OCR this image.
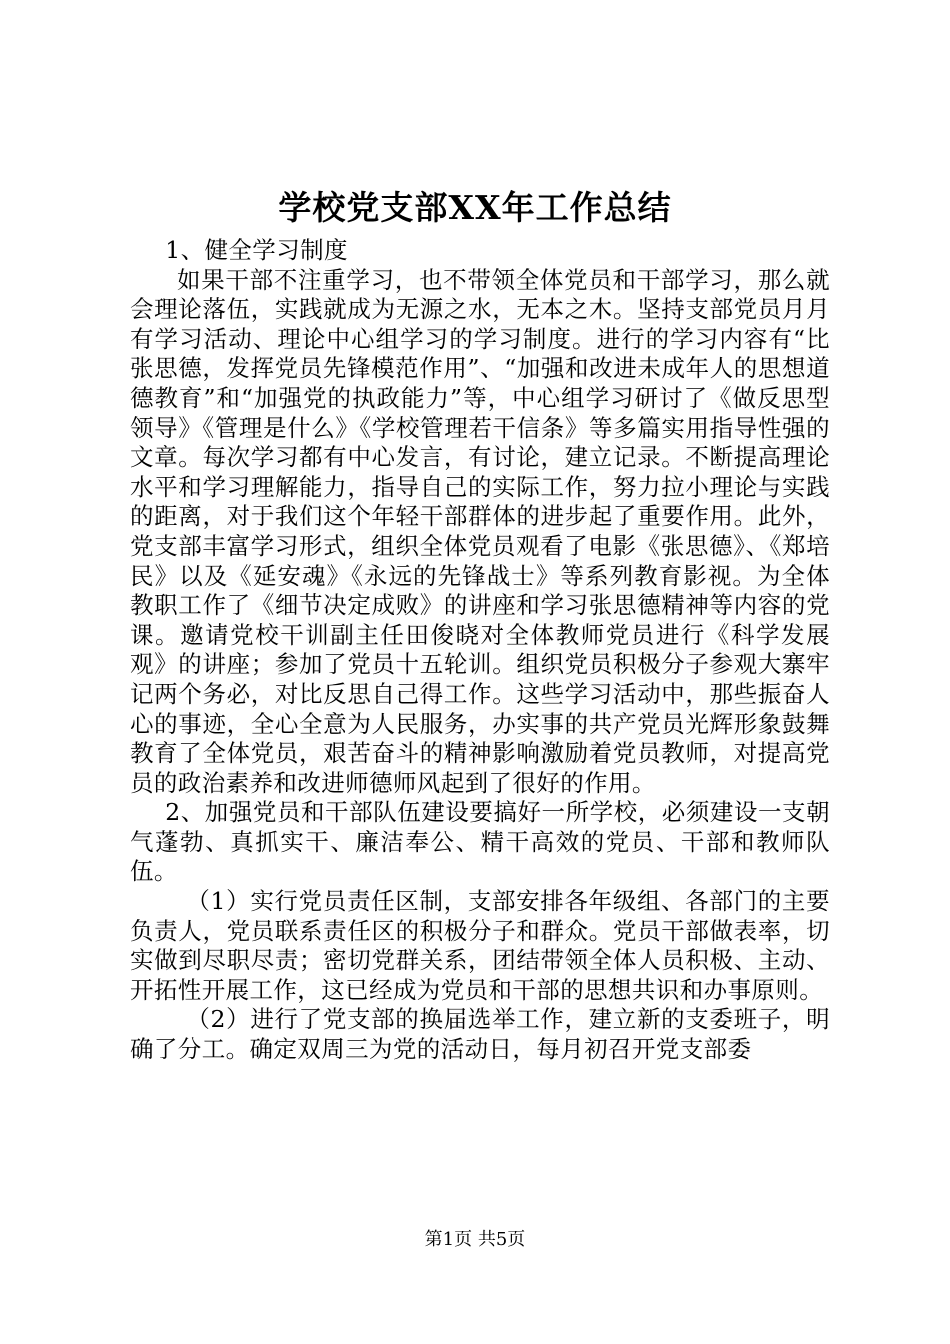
学校党支部XX年工作总结

1、健全学习制度

如果干部不注重学习，也不带领全体党员和干部学习，那么就会理论落伍，实践就成为无源之水，无本之木。坚持支部党员月月有学习活动、理论中心组学习的学习制度。进行的学习内容有“比张思德，发挥党员先锋模范作用”、“加强和改进未成年人的思想道德教育”和“加强党的执政能力”等，中心组学习研讨了《做反思型领导》《管理是什么》《学校管理若干信条》等多篇实用指导性强的文章。每次学习都有中心发言，有讨论，建立记录。不断提高理论水平和学习理解能力，指导自己的实际工作，努力拉小理论与实践的距离，对于我们这个年轻干部群体的进步起了重要作用。此外，党支部丰富学习形式，组织全体党员观看了电影《张思德》、《郑培民》以及《延安魂》《永远的先锋战士》等系列教育影视。为全体教职工作了《细节决定成败》的讲座和学习张思德精神等内容的党课。邀请党校干训副主任田俊晓对全体教师党员进行《科学发展观》的讲座；参加了党员十五轮训。组织党员积极分子参观大寨牢记两个务必，对比反思自己得工作。这些学习活动中，那些振奋人心的事迹，全心全意为人民服务，办实事的共产党员光辉形象鼓舞教育了全体党员，艰苦奋斗的精神影响激励着党员教师，对提高党员的政治素养和改进师德师风起到了很好的作用。

2、加强党员和干部队伍建设要搞好一所学校，必须建设一支朝气蓬勃、真抓实干、廉洁奉公、精干高效的党员、干部和教师队伍。

（1）实行党员责任区制，支部安排各年级组、各部门的主要负责人，党员联系责任区的积极分子和群众。党员干部做表率，切实做到尽职尽责；密切党群关系，团结带领全体人员积极、主动、开拓性开展工作，这已经成为党员和干部的思想共识和办事原则。

（2）进行了党支部的换届选举工作，建立新的支委班子，明确了分工。确定双周三为党的活动日，每月初召开党支部委

第1页 共5页
